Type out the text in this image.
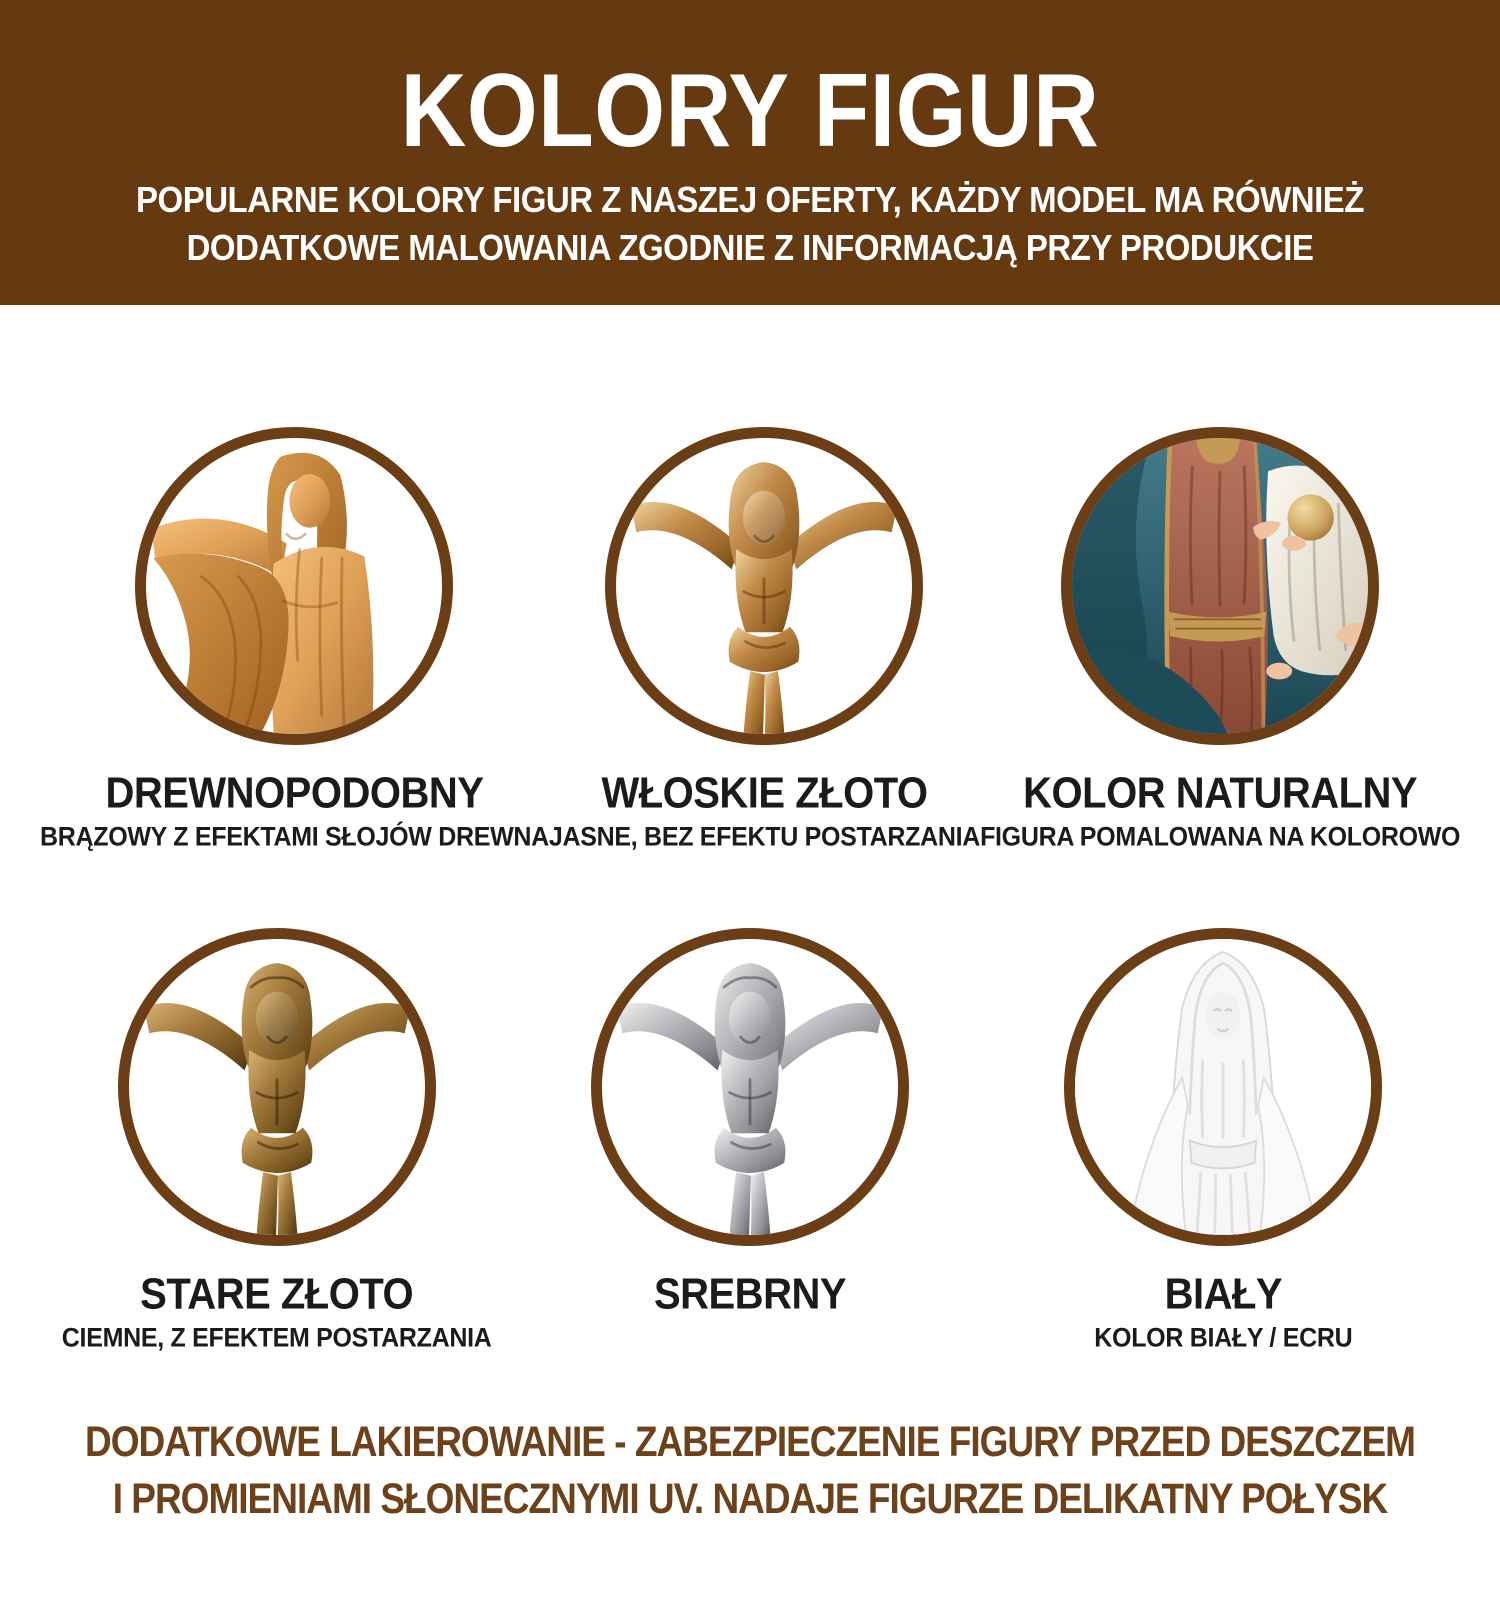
KOLORY FIGUR

POPULARNE KOLORY FIGUR Z NASZEJ OFERTY, KAŻDY MODEL MA RÓWNIEŻ

DODATKOWE MALOWANIA ZGODNIE Z INFORMACJĄ PRZY PRODUKCIE

DREWNOPODOBNY
BRĄZOWY Z EFEKTAMI SŁOJÓW DREWNA
WŁOSKIE ZŁOTO
JASNE, BEZ EFEKTU POSTARZANIA
KOLOR NATURALNY
FIGURA POMALOWANA NA KOLOROWO
STARE ZŁOTO
CIEMNE, Z EFEKTEM POSTARZANIA
SREBRNY	BIAŁY
KOLOR BIAŁY / ECRU

DODATKOWE LAKIEROWANIE - ZABEZPIECZENIE FIGURY PRZED DESZCZEM

I PROMIENIAMI SŁONECZNYMI UV. NADAJE FIGURZE DELIKATNY POŁYSK
